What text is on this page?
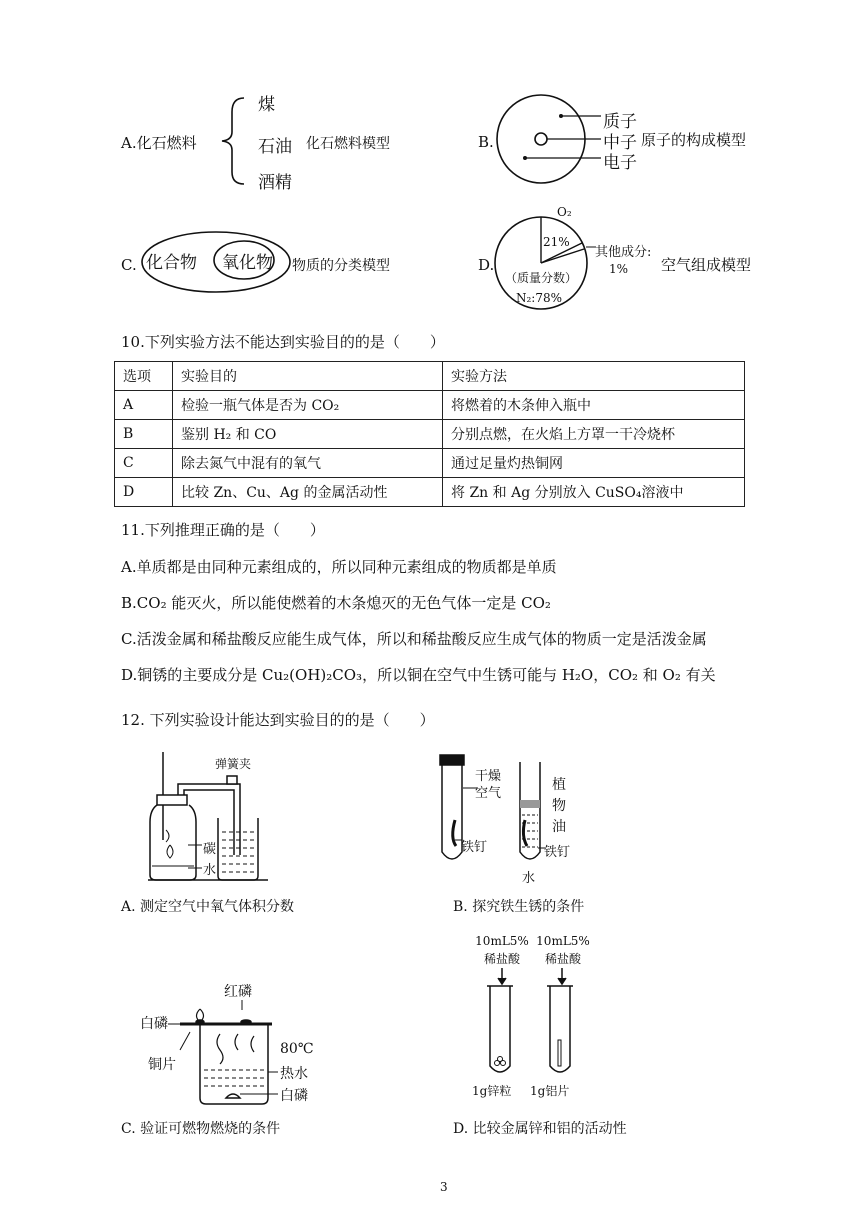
A.化石燃料
煤
石油
酒精
化石燃料模型	B.
质子
中子
电子
原子的构成模型
C. 化合物 氧化物 物质的分类模型	D.
O₂
21%
其他成分:
1%
（质量分数）
N₂:78%
空气组成模型
10.下列实验方法不能达到实验目的的是（　　）
选项	实验目的	实验方法
A	检验一瓶气体是否为 CO₂	将燃着的木条伸入瓶中
B	鉴别 H₂ 和 CO	分别点燃，在火焰上方罩一干冷烧杯
C	除去氮气中混有的氧气	通过足量灼热铜网
D	比较 Zn、Cu、Ag 的金属活动性	将 Zn 和 Ag 分别放入 CuSO₄溶液中
11.下列推理正确的是（　　）
A.单质都是由同种元素组成的，所以同种元素组成的物质都是单质
B.CO₂ 能灭火，所以能使燃着的木条熄灭的无色气体一定是 CO₂
C.活泼金属和稀盐酸反应能生成气体，所以和稀盐酸反应生成气体的物质一定是活泼金属
D.铜锈的主要成分是 Cu₂(OH)₂CO₃，所以铜在空气中生锈可能与 H₂O，CO₂ 和 O₂ 有关
12. 下列实验设计能达到实验目的的是（　　）
弹簧夹
碳
水
A. 测定空气中氧气体积分数
干燥空气
植物油
铁钉	铁钉
水
B. 探究铁生锈的条件
红磷
白磷
铜片
80℃
热水
白磷
C. 验证可燃物燃烧的条件
10mL5%稀盐酸
10mL5%稀盐酸
1g锌粒 1g铝片
D. 比较金属锌和铝的活动性
3
